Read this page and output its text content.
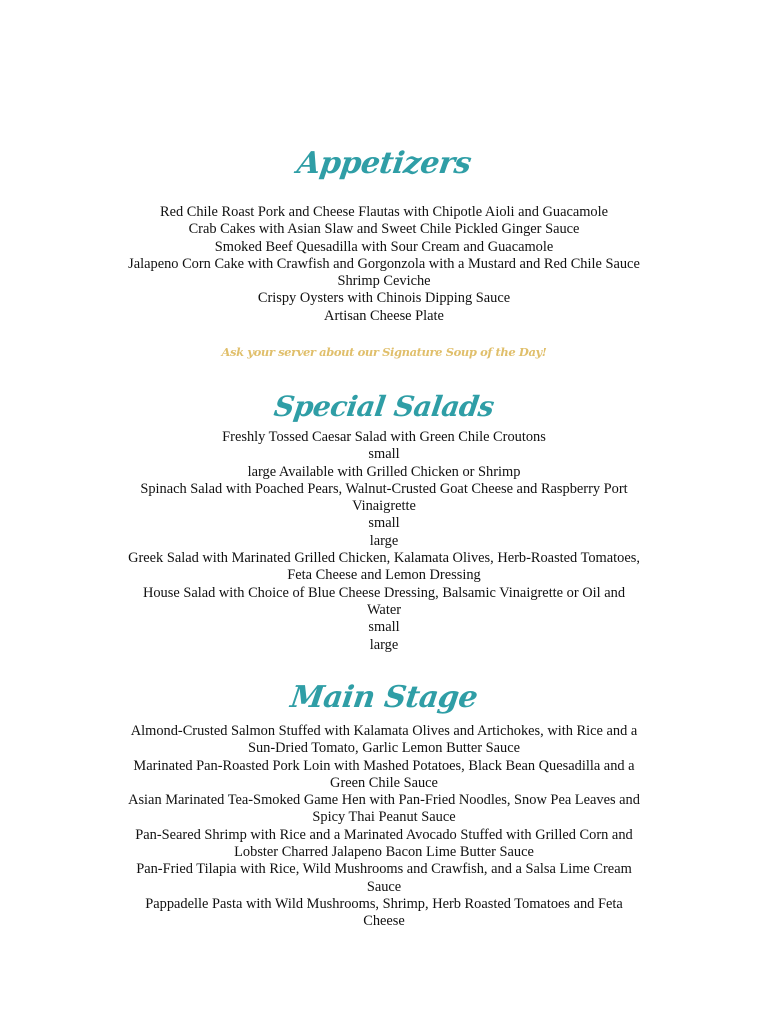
Appetizers
Red Chile Roast Pork and Cheese Flautas with Chipotle Aioli and Guacamole
Crab Cakes with Asian Slaw and Sweet Chile Pickled Ginger Sauce
Smoked Beef Quesadilla with Sour Cream and Guacamole
Jalapeno Corn Cake with Crawfish and Gorgonzola with a Mustard and Red Chile Sauce
Shrimp Ceviche
Crispy Oysters with Chinois Dipping Sauce
Artisan Cheese Plate
Ask your server about our Signature Soup of the Day!
Special Salads
Freshly Tossed Caesar Salad with Green Chile Croutons
small
large Available with Grilled Chicken or Shrimp
Spinach Salad with Poached Pears, Walnut-Crusted Goat Cheese and Raspberry Port
Vinaigrette
small
large
Greek Salad with Marinated Grilled Chicken, Kalamata Olives, Herb-Roasted Tomatoes,
Feta Cheese and Lemon Dressing
House Salad with Choice of Blue Cheese Dressing, Balsamic Vinaigrette or Oil and
Water
small
large
Main Stage
Almond-Crusted Salmon Stuffed with Kalamata Olives and Artichokes, with Rice and a
Sun-Dried Tomato, Garlic Lemon Butter Sauce
Marinated Pan-Roasted Pork Loin with Mashed Potatoes, Black Bean Quesadilla and a
Green Chile Sauce
Asian Marinated Tea-Smoked Game Hen with Pan-Fried Noodles, Snow Pea Leaves and
Spicy Thai Peanut Sauce
Pan-Seared Shrimp with Rice and a Marinated Avocado Stuffed with Grilled Corn and
Lobster Charred Jalapeno Bacon Lime Butter Sauce
Pan-Fried Tilapia with Rice, Wild Mushrooms and Crawfish, and a Salsa Lime Cream
Sauce
Pappadelle Pasta with Wild Mushrooms, Shrimp, Herb Roasted Tomatoes and Feta
Cheese
